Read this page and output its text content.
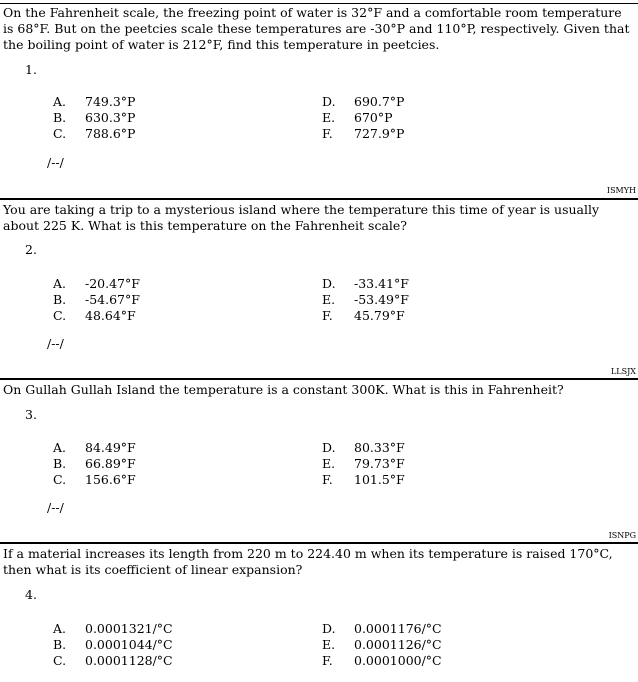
On the Fahrenheit scale, the freezing point of water is 32°F and a comfortable room temperature is 68°F. But on the peetcies scale these temperatures are -30°P and 110°P, respectively. Given that the boiling point of water is 212°F, find this temperature in peetcies.
1.
A. 749.3°P
B. 630.3°P
C. 788.6°P
D. 690.7°P
E. 670°P
F. 727.9°P
/--/
ISMYH
You are taking a trip to a mysterious island where the temperature this time of year is usually about 225 K. What is this temperature on the Fahrenheit scale?
2.
A. -20.47°F
B. -54.67°F
C. 48.64°F
D. -33.41°F
E. -53.49°F
F. 45.79°F
/--/
LLSJX
On Gullah Gullah Island the temperature is a constant 300K. What is this in Fahrenheit?
3.
A. 84.49°F
B. 66.89°F
C. 156.6°F
D. 80.33°F
E. 79.73°F
F. 101.5°F
/--/
ISNPG
If a material increases its length from 220 m to 224.40 m when its temperature is raised 170°C, then what is its coefficient of linear expansion?
4.
A. 0.0001321/°C
B. 0.0001044/°C
C. 0.0001128/°C
D. 0.0001176/°C
E. 0.0001126/°C
F. 0.0001000/°C
